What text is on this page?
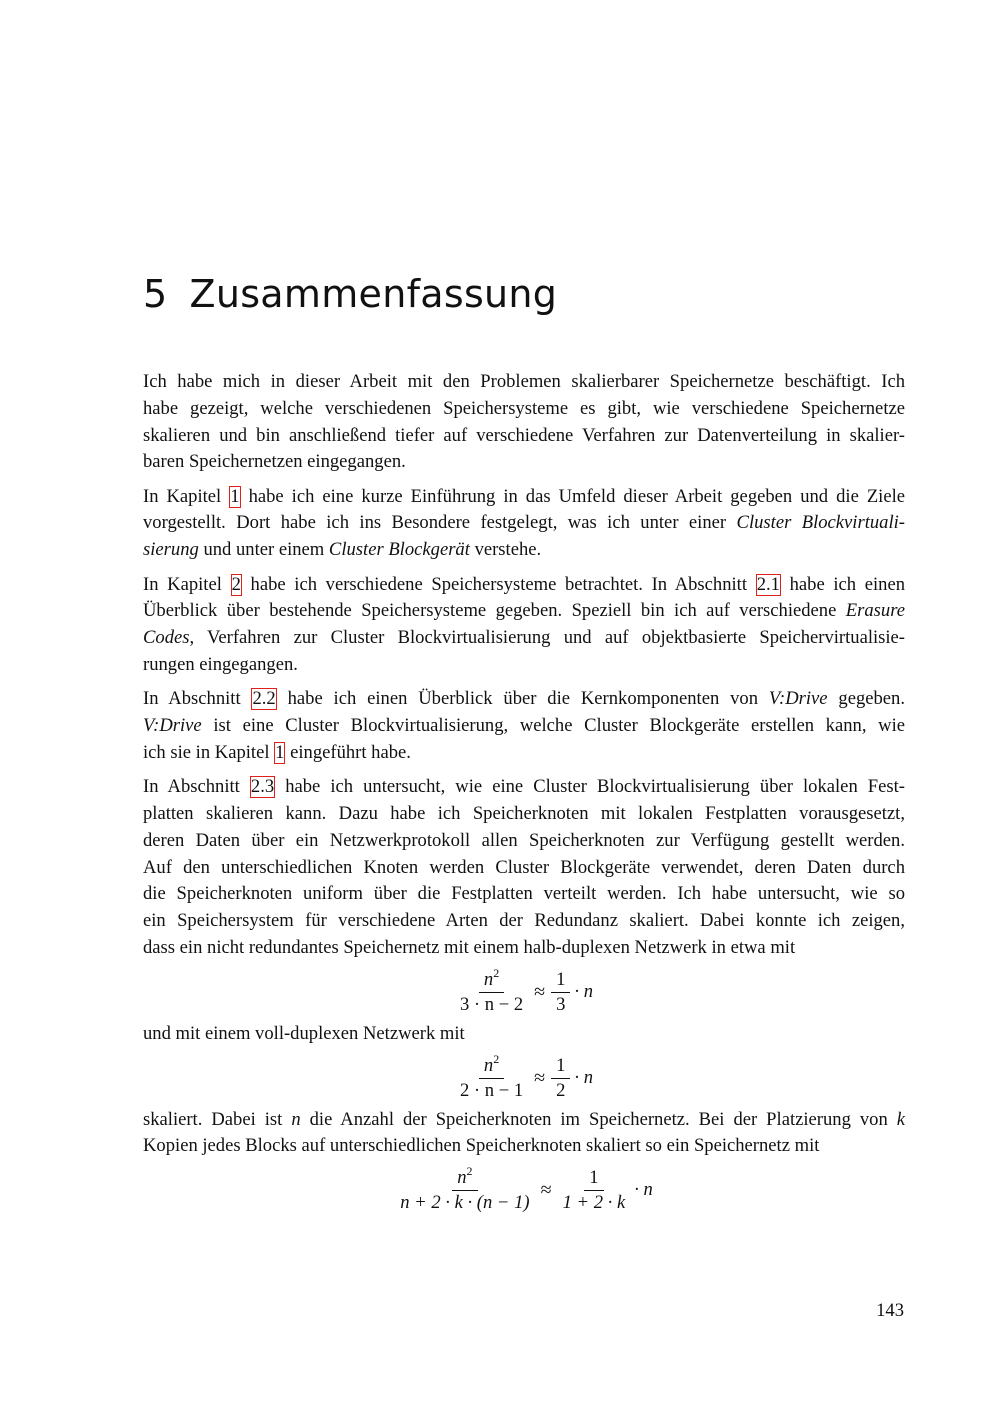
5 Zusammenfassung

Ich habe mich in dieser Arbeit mit den Problemen skalierbarer Speichernetze beschäftigt. Ich
habe gezeigt, welche verschiedenen Speichersysteme es gibt, wie verschiedene Speichernetze
skalieren und bin anschließend tiefer auf verschiedene Verfahren zur Datenverteilung in skalier-
baren Speichernetzen eingegangen.

In Kapitel 1 habe ich eine kurze Einführung in das Umfeld dieser Arbeit gegeben und die Ziele
vorgestellt. Dort habe ich ins Besondere festgelegt, was ich unter einer Cluster Blockvirtuali-
sierung und unter einem Cluster Blockgerät verstehe.

In Kapitel 2 habe ich verschiedene Speichersysteme betrachtet. In Abschnitt 2.1 habe ich einen
Überblick über bestehende Speichersysteme gegeben. Speziell bin ich auf verschiedene Erasure
Codes, Verfahren zur Cluster Blockvirtualisierung und auf objektbasierte Speichervirtualisie-
rungen eingegangen.

In Abschnitt 2.2 habe ich einen Überblick über die Kernkomponenten von V:Drive gegeben.
V:Drive ist eine Cluster Blockvirtualisierung, welche Cluster Blockgeräte erstellen kann, wie
ich sie in Kapitel 1 eingeführt habe.

In Abschnitt 2.3 habe ich untersucht, wie eine Cluster Blockvirtualisierung über lokalen Fest-
platten skalieren kann. Dazu habe ich Speicherknoten mit lokalen Festplatten vorausgesetzt,
deren Daten über ein Netzwerkprotokoll allen Speicherknoten zur Verfügung gestellt werden.
Auf den unterschiedlichen Knoten werden Cluster Blockgeräte verwendet, deren Daten durch
die Speicherknoten uniform über die Festplatten verteilt werden. Ich habe untersucht, wie so
ein Speichersystem für verschiedene Arten der Redundanz skaliert. Dabei konnte ich zeigen,
dass ein nicht redundantes Speichernetz mit einem halb-duplexen Netzwerk in etwa mit
$\frac{n^2}{3 \cdot n - 2} \approx \frac{1}{3} \cdot n$
und mit einem voll-duplexen Netzwerk mit
$\frac{n^2}{2 \cdot n - 1} \approx \frac{1}{2} \cdot n$
skaliert. Dabei ist n die Anzahl der Speicherknoten im Speichernetz. Bei der Platzierung von k
Kopien jedes Blocks auf unterschiedlichen Speicherknoten skaliert so ein Speichernetz mit
$\frac{n^2}{n + 2 \cdot k \cdot (n - 1)} \approx \frac{1}{1 + 2 \cdot k} \cdot n$
143
